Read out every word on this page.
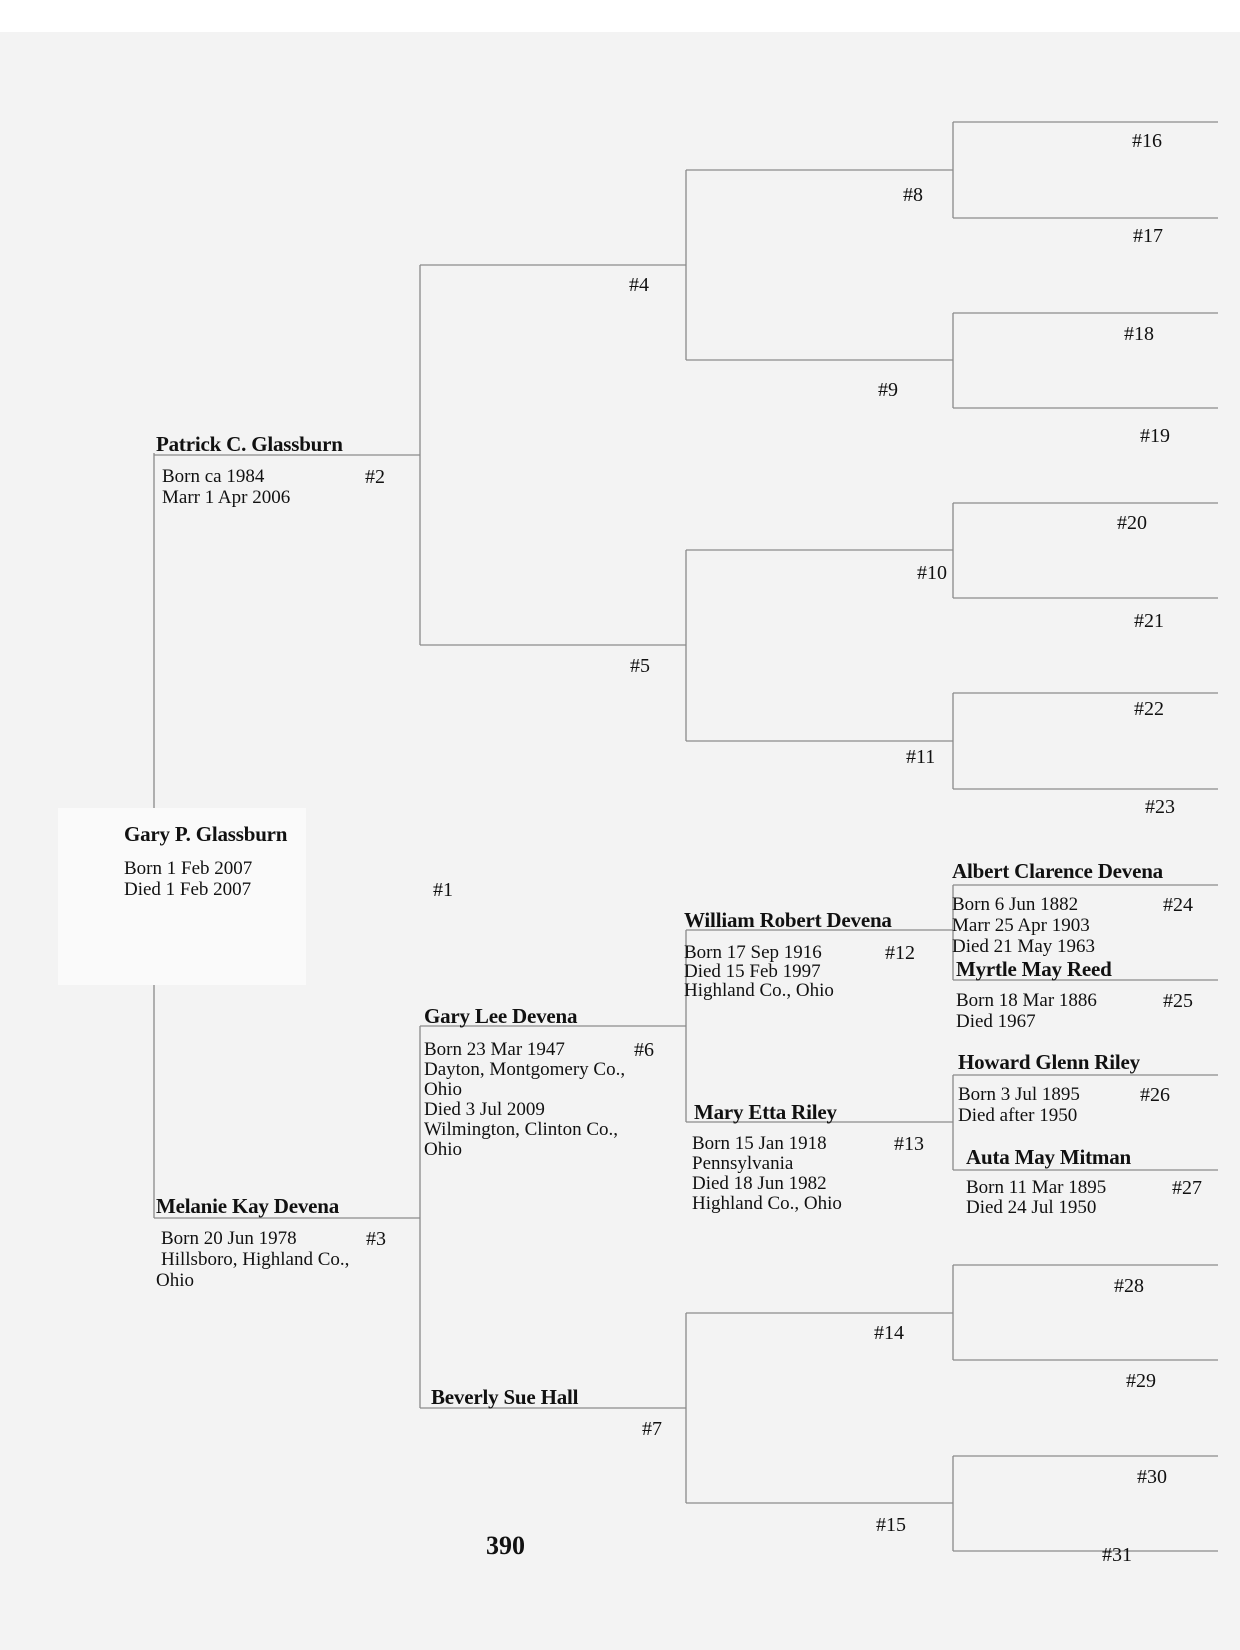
Gary P. Glassburn
Born 1 Feb 2007
Died 1 Feb 2007	#1
Patrick C. Glassburn
Born ca 1984
Marr 1 Apr 2006
#2
Melanie Kay Devena
Born 20 Jun 1978
Hillsboro, Highland Co.,
Ohio
#3
#4
#5
Gary Lee Devena
Born 23 Mar 1947
Dayton, Montgomery Co.,
Ohio
Died 3 Jul 2009
Wilmington, Clinton Co.,
Ohio
#6
Beverly Sue Hall
#7
#8
#9
#10
#11
William Robert Devena
Born 17 Sep 1916
Died 15 Feb 1997
Highland Co., Ohio
#12
Mary Etta Riley
Born 15 Jan 1918
Pennsylvania
Died 18 Jun 1982
Highland Co., Ohio
#13
#14
#15
#16
#17
#18
#19
#20
#21
#22
#23
Albert Clarence Devena
Born 6 Jun 1882
Marr 25 Apr 1903
Died 21 May 1963
#24
Myrtle May Reed
Born 18 Mar 1886
Died 1967
#25
Howard Glenn Riley
Born 3 Jul 1895
Died after 1950
#26
Auta May Mitman
Born 11 Mar 1895
Died 24 Jul 1950
#27
#28
#29
#30
#31
390
